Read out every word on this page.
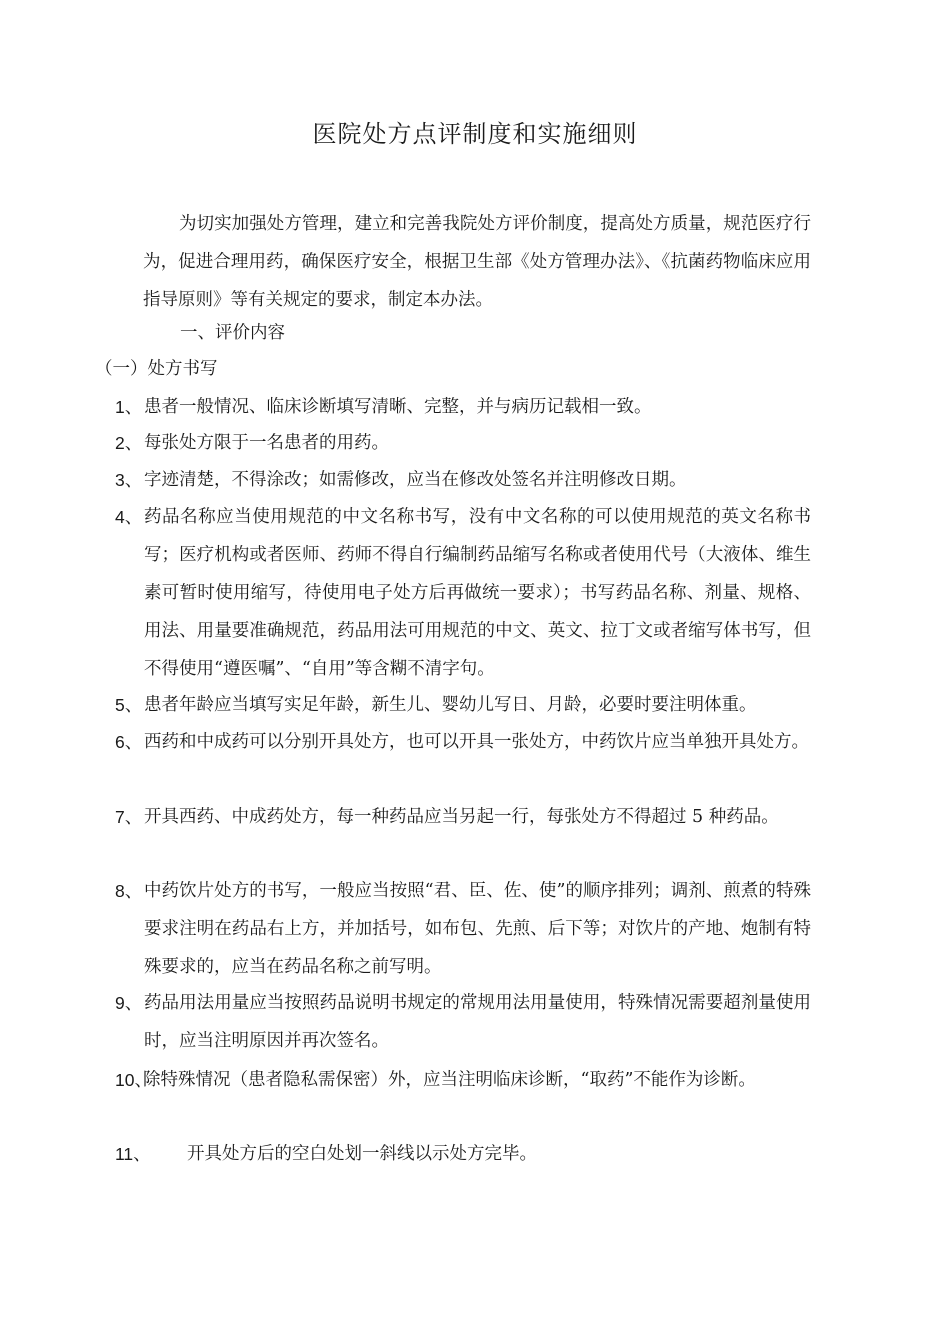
医院处方点评制度和实施细则
为切实加强处方管理，建立和完善我院处方评价制度，提高处方质量，规范医疗行为，促进合理用药，确保医疗安全，根据卫生部《处方管理办法》、《抗菌药物临床应用指导原则》等有关规定的要求，制定本办法。
一、评价内容
（一）处方书写
1、 患者一般情况、临床诊断填写清晰、完整，并与病历记载相一致。
2、 每张处方限于一名患者的用药。
3、 字迹清楚，不得涂改；如需修改，应当在修改处签名并注明修改日期。
4、 药品名称应当使用规范的中文名称书写，没有中文名称的可以使用规范的英文名称书写；医疗机构或者医师、药师不得自行编制药品缩写名称或者使用代号（大液体、维生素可暂时使用缩写，待使用电子处方后再做统一要求）；书写药品名称、剂量、规格、用法、用量要准确规范，药品用法可用规范的中文、英文、拉丁文或者缩写体书写，但不得使用“遵医嘱”、“自用”等含糊不清字句。
5、 患者年龄应当填写实足年龄，新生儿、婴幼儿写日、月龄，必要时要注明体重。
6、 西药和中成药可以分别开具处方，也可以开具一张处方，中药饮片应当单独开具处方。
7、 开具西药、中成药处方，每一种药品应当另起一行，每张处方不得超过 5 种药品。
8、 中药饮片处方的书写，一般应当按照“君、臣、佐、使”的顺序排列；调剂、煎煮的特殊要求注明在药品右上方，并加括号，如布包、先煎、后下等；对饮片的产地、炮制有特殊要求的，应当在药品名称之前写明。
9、 药品用法用量应当按照药品说明书规定的常规用法用量使用，特殊情况需要超剂量使用时，应当注明原因并再次签名。
10、
除特殊情况（患者隐私需保密）外，应当注明临床诊断，“取药”不能作为诊断。
11、 开具处方后的空白处划一斜线以示处方完毕。
